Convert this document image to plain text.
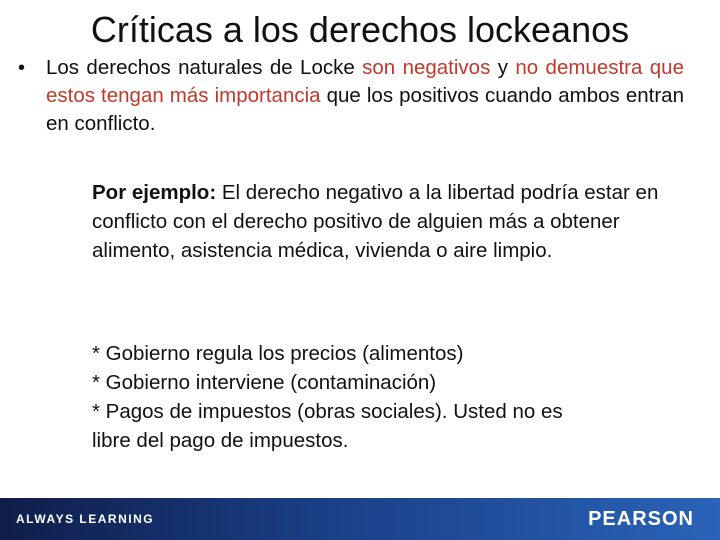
Críticas a los derechos lockeanos
• Los derechos naturales de Locke son negativos y no demuestra que estos tengan más importancia que los positivos cuando ambos entran en conflicto.
Por ejemplo: El derecho negativo a la libertad podría estar en conflicto con el derecho positivo de alguien más a obtener alimento, asistencia médica, vivienda o aire limpio.
* Gobierno regula los precios (alimentos)
* Gobierno interviene (contaminación)
* Pagos de impuestos (obras sociales). Usted no es
libre del pago de impuestos.
ALWAYS LEARNING	PEARSON
